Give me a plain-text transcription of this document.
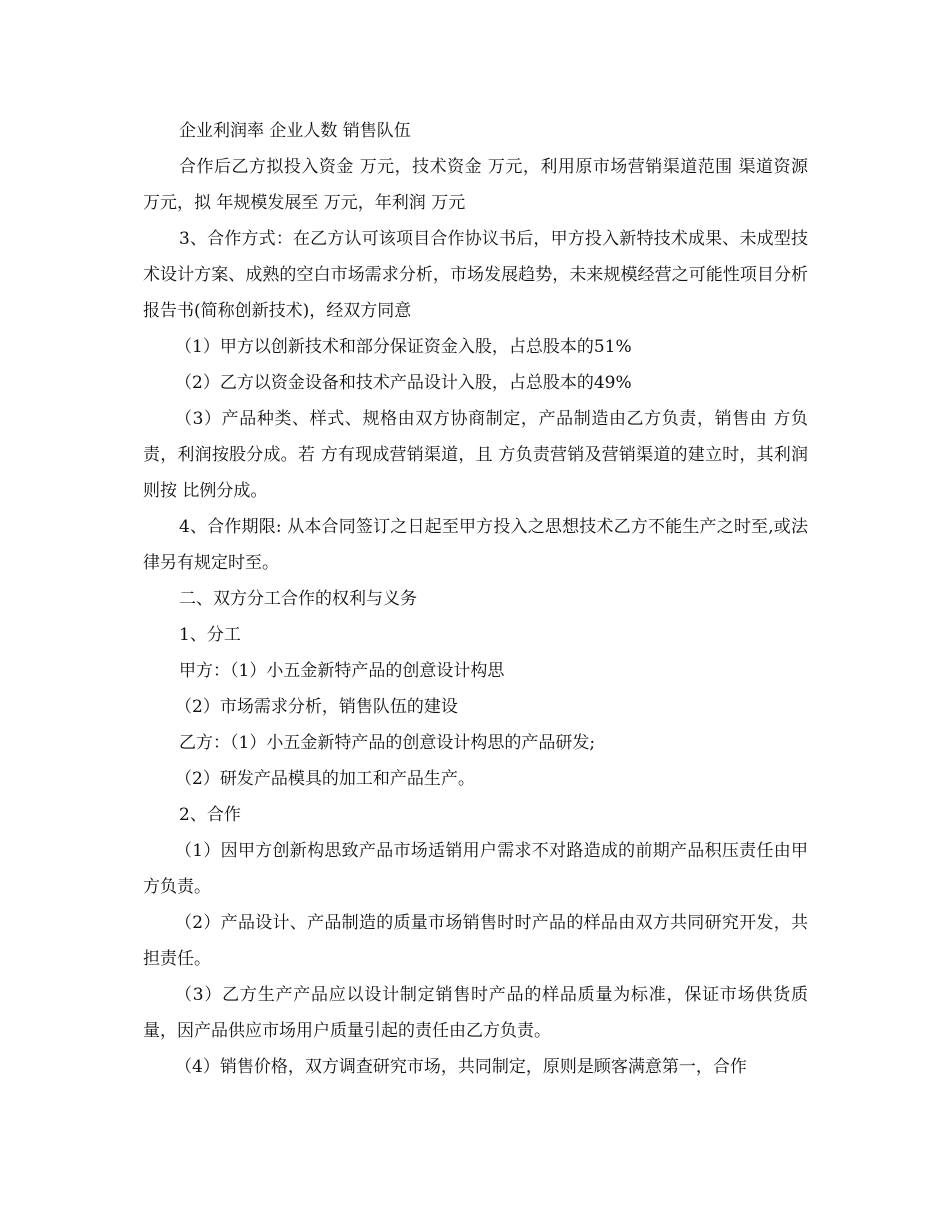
企业利润率 企业人数 销售队伍

合作后乙方拟投入资金 万元，技术资金 万元，利用原市场营销渠道范围 渠道资源 万元，拟 年规模发展至 万元，年利润 万元

3、合作方式：在乙方认可该项目合作协议书后，甲方投入新特技术成果、未成型技术设计方案、成熟的空白市场需求分析，市场发展趋势，未来规模经营之可能性项目分析报告书(简称创新技术)，经双方同意

（1）甲方以创新技术和部分保证资金入股，占总股本的51%

（2）乙方以资金设备和技术产品设计入股，占总股本的49%

（3）产品种类、样式、规格由双方协商制定，产品制造由乙方负责，销售由 方负责，利润按股分成。若 方有现成营销渠道，且 方负责营销及营销渠道的建立时，其利润则按 比例分成。

4、合作期限: 从本合同签订之日起至甲方投入之思想技术乙方不能生产之时至,或法律另有规定时至。

二、双方分工合作的权利与义务

1、分工

甲方：（1）小五金新特产品的创意设计构思

（2）市场需求分析，销售队伍的建设

乙方：（1）小五金新特产品的创意设计构思的产品研发;

（2）研发产品模具的加工和产品生产。

2、合作

（1）因甲方创新构思致产品市场适销用户需求不对路造成的前期产品积压责任由甲方负责。

（2）产品设计、产品制造的质量市场销售时时产品的样品由双方共同研究开发，共担责任。

（3）乙方生产产品应以设计制定销售时产品的样品质量为标准，保证市场供货质量，因产品供应市场用户质量引起的责任由乙方负责。

（4）销售价格，双方调查研究市场，共同制定，原则是顾客满意第一，合作
